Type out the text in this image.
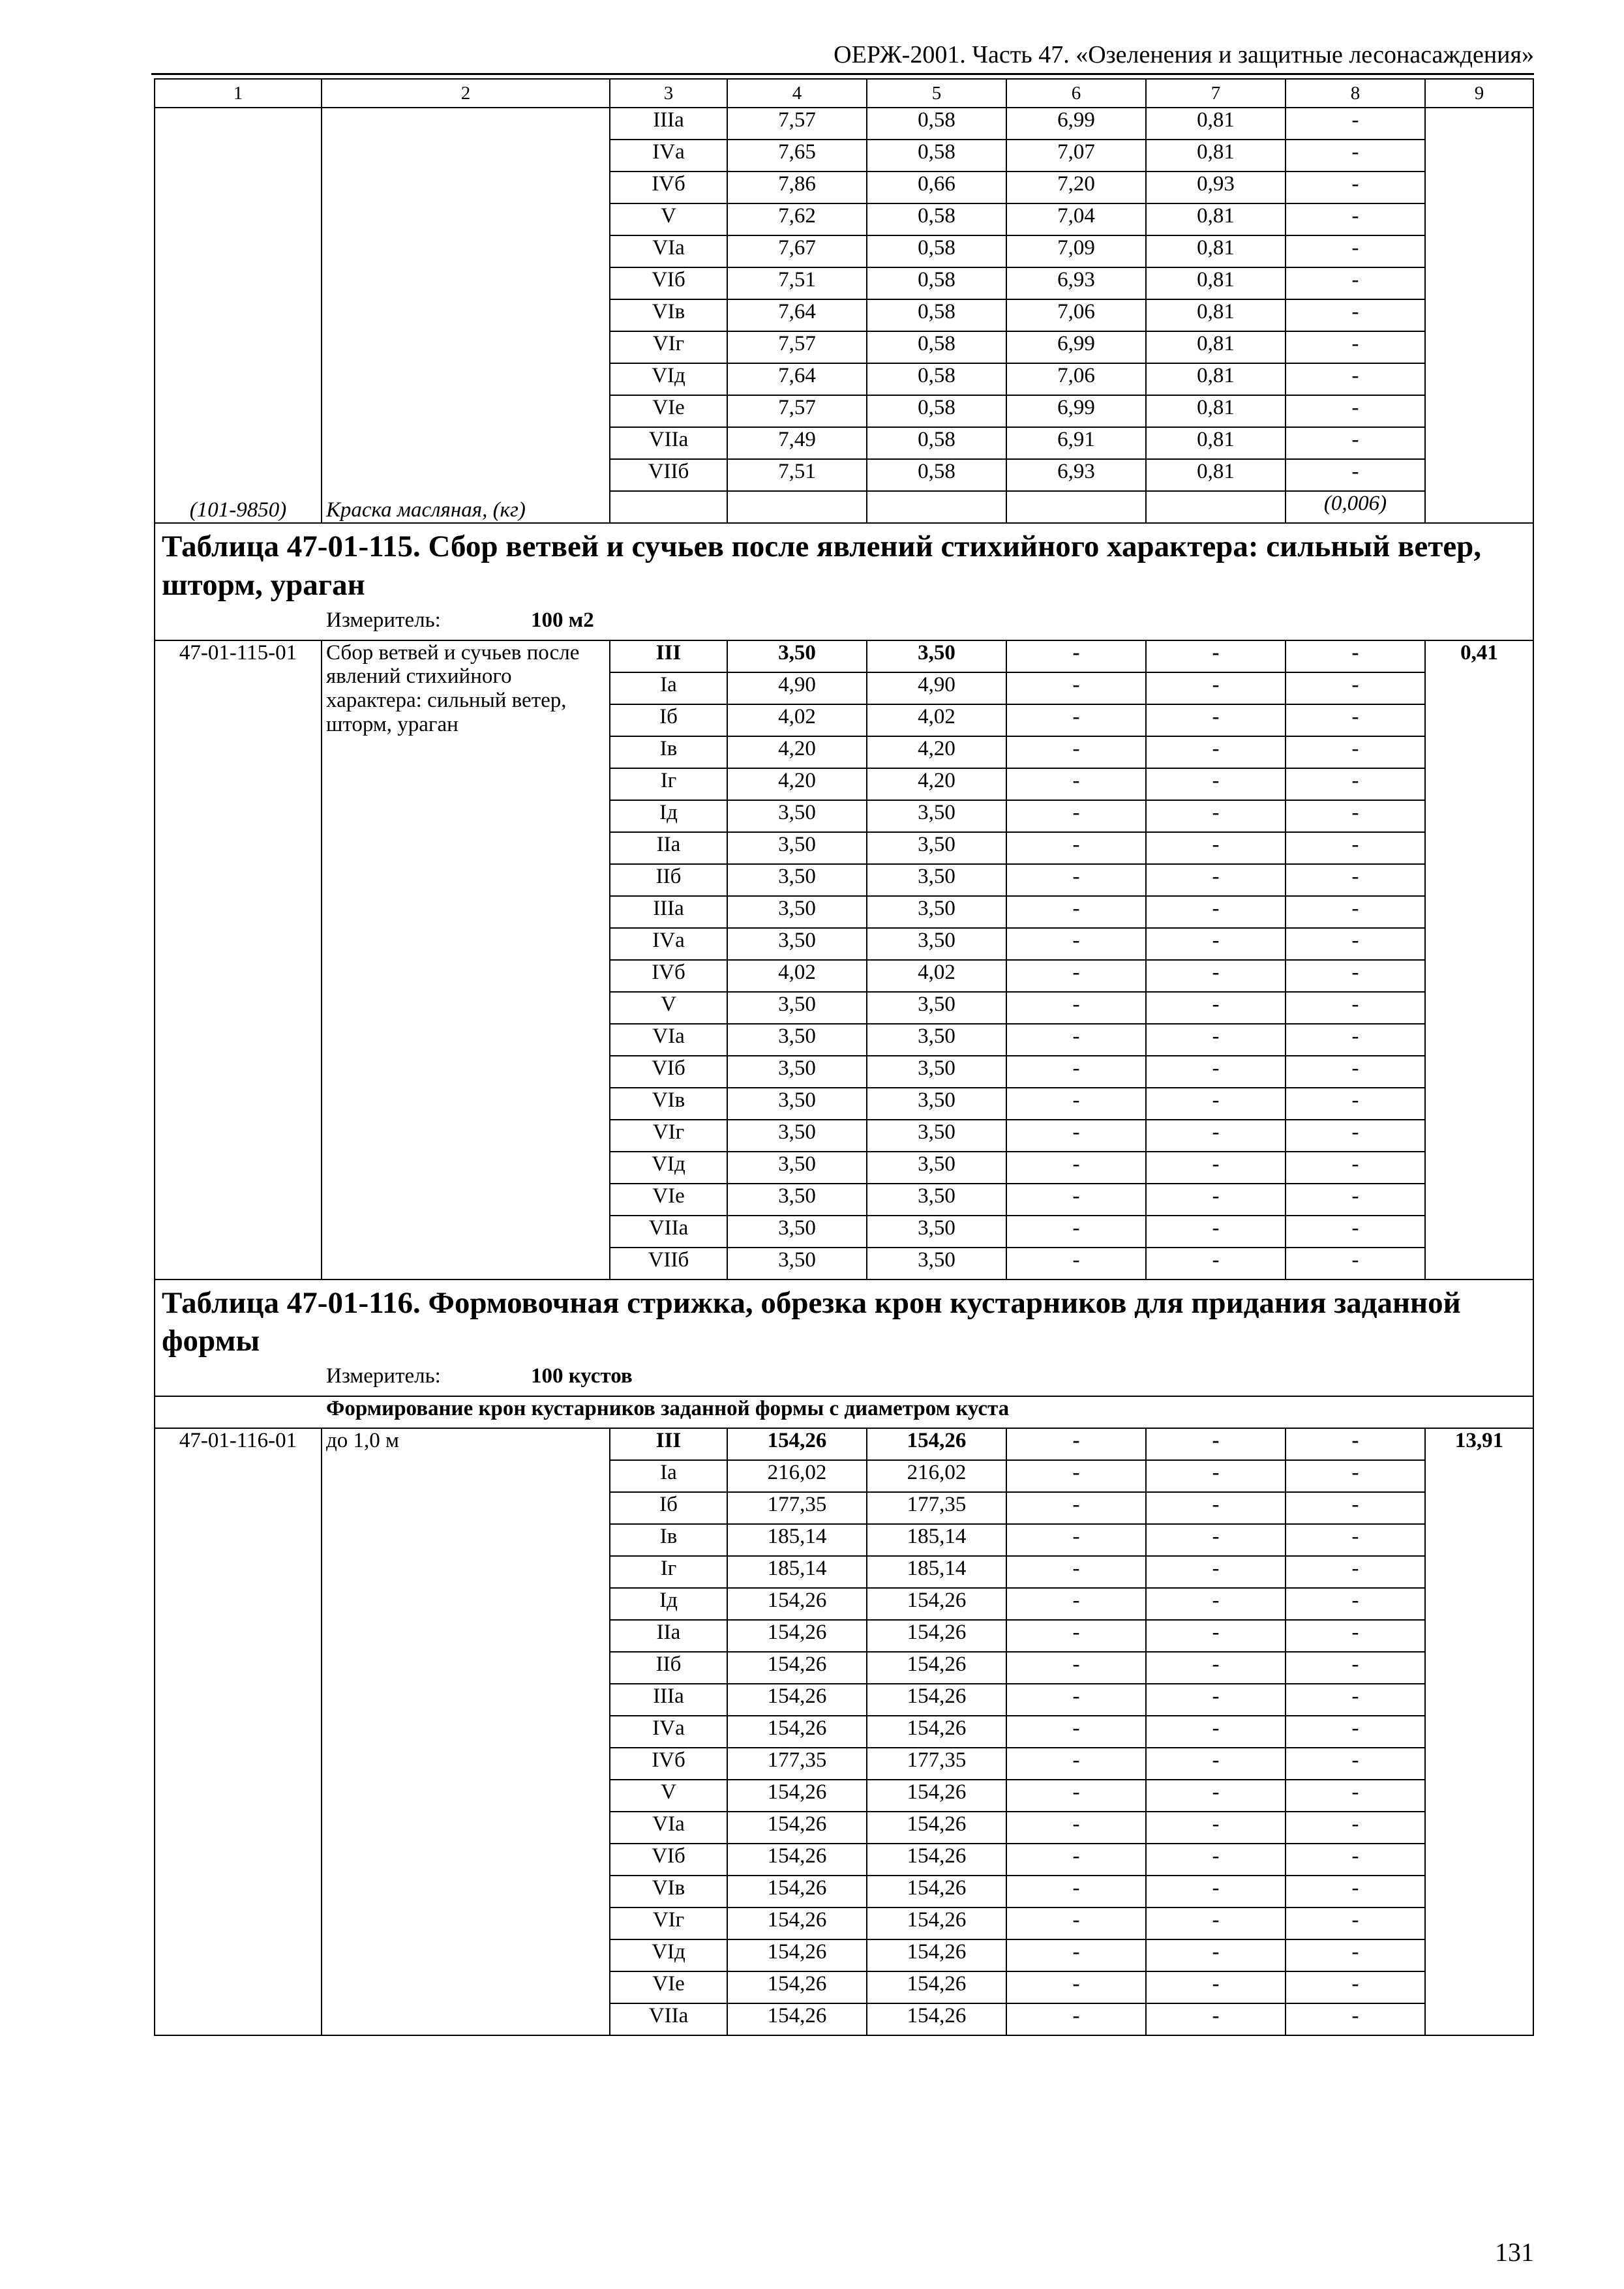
ОЕРЖ-2001. Часть 47. «Озеленения и защитные лесонасаждения»
1	2	3	4	5	6	7	8	9
(101-9850)	Краска масляная, (кг)	IIIа	7,57	0,58	6,99	0,81	-	
		IVа	7,65	0,58	7,07	0,81	-	
		IVб	7,86	0,66	7,20	0,93	-	
		V	7,62	0,58	7,04	0,81	-	
		VIа	7,67	0,58	7,09	0,81	-	
		VIб	7,51	0,58	6,93	0,81	-	
		VIв	7,64	0,58	7,06	0,81	-	
		VIг	7,57	0,58	6,99	0,81	-	
		VIд	7,64	0,58	7,06	0,81	-	
		VIе	7,57	0,58	6,99	0,81	-	
		VIIа	7,49	0,58	6,91	0,81	-	
		VIIб	7,51	0,58	6,93	0,81	-	
							(0,006)	
Таблица 47-01-115. Сбор ветвей и сучьев после явлений стихийного характера: сильный ветер, шторм, ураган								
Измеритель: 100 м2								
47-01-115-01	Сбор ветвей и сучьев после явлений стихийного характера: сильный ветер, шторм, ураган	III	3,50	3,50	-	-	-	0,41
		Iа	4,90	4,90	-	-	-	
		Iб	4,02	4,02	-	-	-	
		Iв	4,20	4,20	-	-	-	
		Iг	4,20	4,20	-	-	-	
		Iд	3,50	3,50	-	-	-	
		IIа	3,50	3,50	-	-	-	
		IIб	3,50	3,50	-	-	-	
		IIIа	3,50	3,50	-	-	-	
		IVа	3,50	3,50	-	-	-	
		IVб	4,02	4,02	-	-	-	
		V	3,50	3,50	-	-	-	
		VIа	3,50	3,50	-	-	-	
		VIб	3,50	3,50	-	-	-	
		VIв	3,50	3,50	-	-	-	
		VIг	3,50	3,50	-	-	-	
		VIд	3,50	3,50	-	-	-	
		VIе	3,50	3,50	-	-	-	
		VIIа	3,50	3,50	-	-	-	
		VIIб	3,50	3,50	-	-	-	
Таблица 47-01-116. Формовочная стрижка, обрезка крон кустарников для придания заданной формы								
Измеритель: 100 кустов								
Формирование крон кустарников заданной формы с диаметром куста								
47-01-116-01	до 1,0 м	III	154,26	154,26	-	-	-	13,91
		Iа	216,02	216,02	-	-	-	
		Iб	177,35	177,35	-	-	-	
		Iв	185,14	185,14	-	-	-	
		Iг	185,14	185,14	-	-	-	
		Iд	154,26	154,26	-	-	-	
		IIа	154,26	154,26	-	-	-	
		IIб	154,26	154,26	-	-	-	
		IIIа	154,26	154,26	-	-	-	
		IVа	154,26	154,26	-	-	-	
		IVб	177,35	177,35	-	-	-	
		V	154,26	154,26	-	-	-	
		VIа	154,26	154,26	-	-	-	
		VIб	154,26	154,26	-	-	-	
		VIв	154,26	154,26	-	-	-	
		VIг	154,26	154,26	-	-	-	
		VIд	154,26	154,26	-	-	-	
		VIе	154,26	154,26	-	-	-	
		VIIа	154,26	154,26	-	-	-	
131
